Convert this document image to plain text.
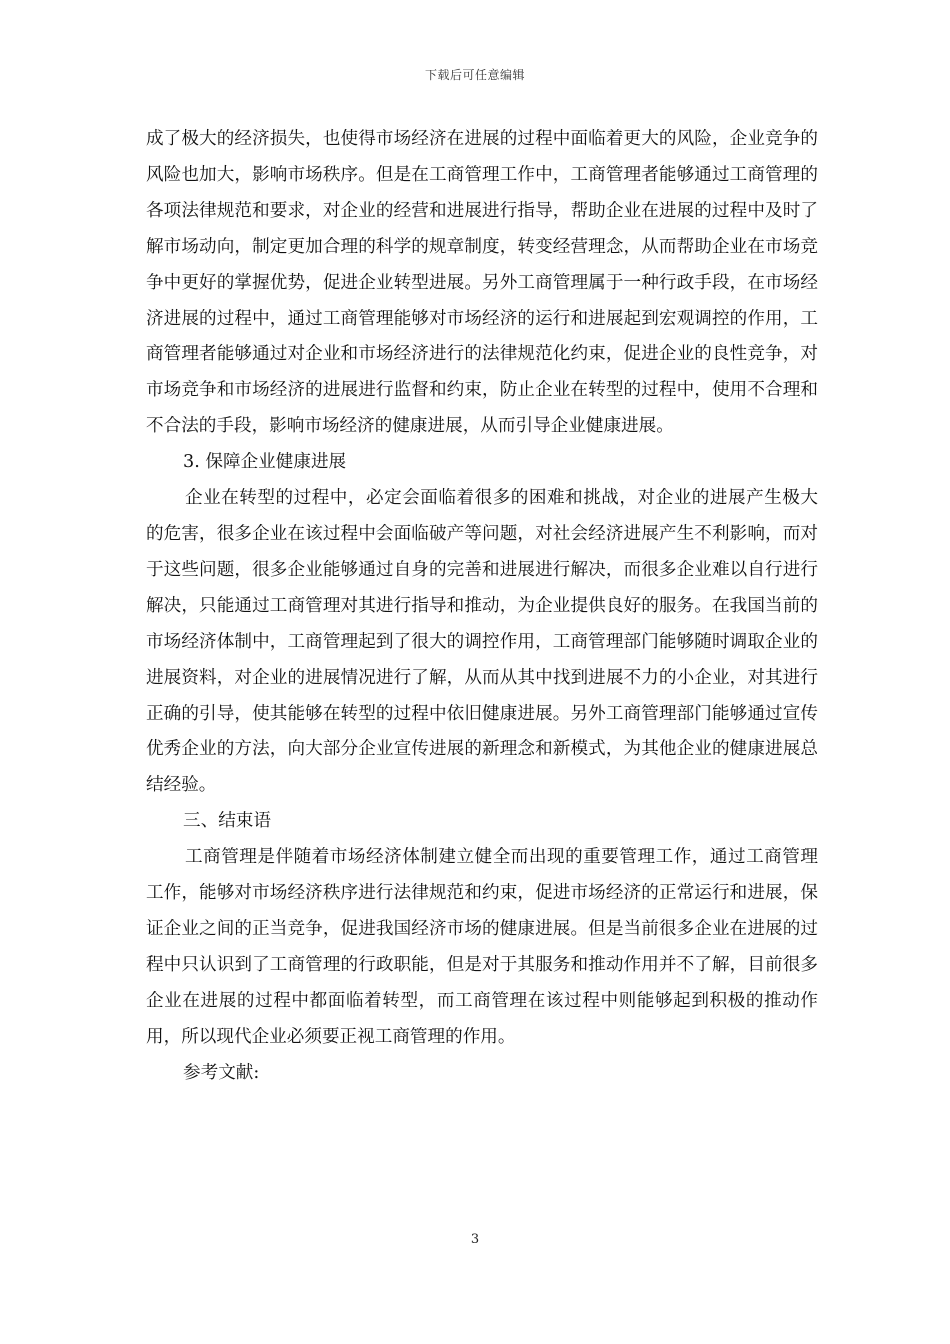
下载后可任意编辑

成了极大的经济损失，也使得市场经济在进展的过程中面临着更大的风险，企业竞争的风险也加大，影响市场秩序。但是在工商管理工作中，工商管理者能够通过工商管理的各项法律规范和要求，对企业的经营和进展进行指导，帮助企业在进展的过程中及时了解市场动向，制定更加合理的科学的规章制度，转变经营理念，从而帮助企业在市场竞争中更好的掌握优势，促进企业转型进展。另外工商管理属于一种行政手段，在市场经济进展的过程中，通过工商管理能够对市场经济的运行和进展起到宏观调控的作用，工商管理者能够通过对企业和市场经济进行的法律规范化约束，促进企业的良性竞争，对市场竞争和市场经济的进展进行监督和约束，防止企业在转型的过程中，使用不合理和不合法的手段，影响市场经济的健康进展，从而引导企业健康进展。

3. 保障企业健康进展

企业在转型的过程中，必定会面临着很多的困难和挑战，对企业的进展产生极大的危害，很多企业在该过程中会面临破产等问题，对社会经济进展产生不利影响，而对于这些问题，很多企业能够通过自身的完善和进展进行解决，而很多企业难以自行进行解决，只能通过工商管理对其进行指导和推动，为企业提供良好的服务。在我国当前的市场经济体制中，工商管理起到了很大的调控作用，工商管理部门能够随时调取企业的进展资料，对企业的进展情况进行了解，从而从其中找到进展不力的小企业，对其进行正确的引导，使其能够在转型的过程中依旧健康进展。另外工商管理部门能够通过宣传优秀企业的方法，向大部分企业宣传进展的新理念和新模式，为其他企业的健康进展总结经验。

三、结束语

工商管理是伴随着市场经济体制建立健全而出现的重要管理工作，通过工商管理工作，能够对市场经济秩序进行法律规范和约束，促进市场经济的正常运行和进展，保证企业之间的正当竞争，促进我国经济市场的健康进展。但是当前很多企业在进展的过程中只认识到了工商管理的行政职能，但是对于其服务和推动作用并不了解，目前很多企业在进展的过程中都面临着转型，而工商管理在该过程中则能够起到积极的推动作用，所以现代企业必须要正视工商管理的作用。

参考文献:

3
